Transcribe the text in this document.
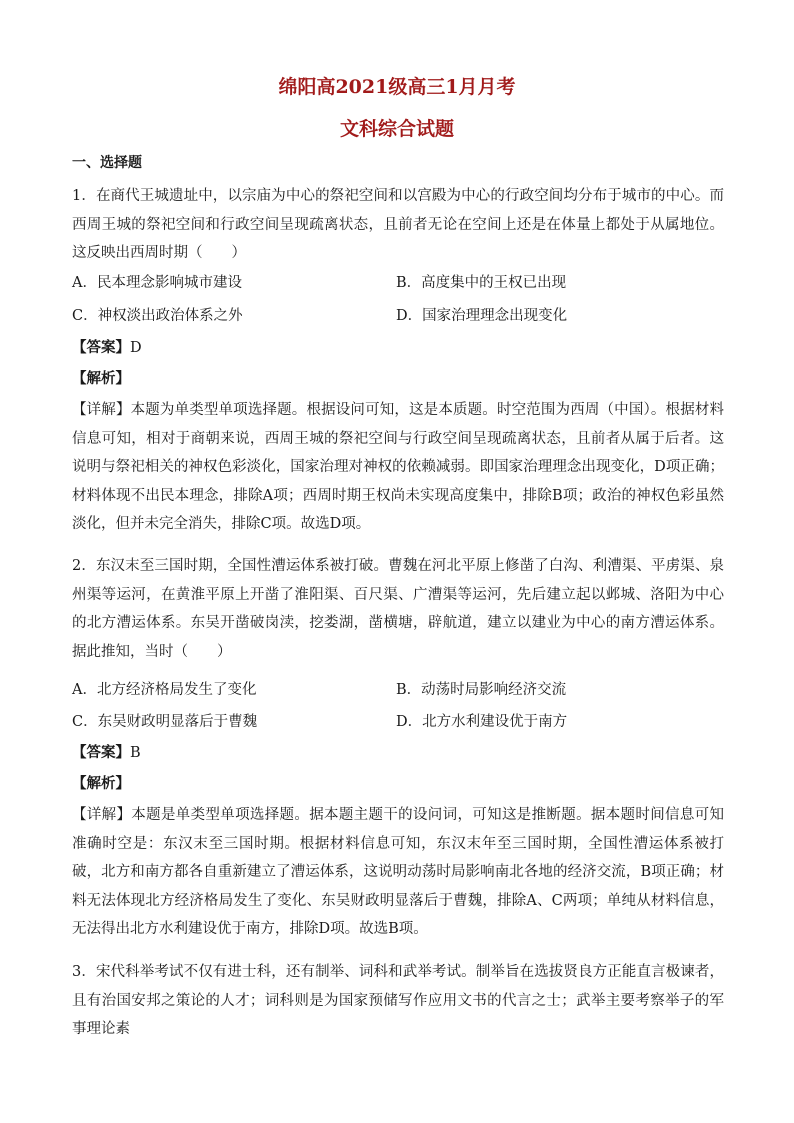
绵阳高2021级高三1月月考
文科综合试题
一、选择题
1．在商代王城遗址中，以宗庙为中心的祭祀空间和以宫殿为中心的行政空间均分布于城市的中心。而西周王城的祭祀空间和行政空间呈现疏离状态，且前者无论在空间上还是在体量上都处于从属地位。这反映出西周时期（　　）
A．民本理念影响城市建设	B．高度集中的王权已出现
C．神权淡出政治体系之外	D．国家治理理念出现变化
【答案】D
【解析】
【详解】本题为单类型单项选择题。根据设问可知，这是本质题。时空范围为西周（中国）。根据材料信息可知，相对于商朝来说，西周王城的祭祀空间与行政空间呈现疏离状态，且前者从属于后者。这说明与祭祀相关的神权色彩淡化，国家治理对神权的依赖减弱。即国家治理理念出现变化，D项正确；材料体现不出民本理念，排除A项；西周时期王权尚未实现高度集中，排除B项；政治的神权色彩虽然淡化，但并未完全消失，排除C项。故选D项。
2．东汉末至三国时期，全国性漕运体系被打破。曹魏在河北平原上修凿了白沟、利漕渠、平虏渠、泉州渠等运河，在黄淮平原上开凿了淮阳渠、百尺渠、广漕渠等运河，先后建立起以邺城、洛阳为中心的北方漕运体系。东吴开凿破岗渎，挖娄湖，凿横塘，辟航道，建立以建业为中心的南方漕运体系。据此推知，当时（　　）
A．北方经济格局发生了变化	B．动荡时局影响经济交流
C．东吴财政明显落后于曹魏	D．北方水利建设优于南方
【答案】B
【解析】
【详解】本题是单类型单项选择题。据本题主题干的设问词，可知这是推断题。据本题时间信息可知准确时空是：东汉末至三国时期。根据材料信息可知，东汉末年至三国时期，全国性漕运体系被打破，北方和南方都各自重新建立了漕运体系，这说明动荡时局影响南北各地的经济交流，B项正确；材料无法体现北方经济格局发生了变化、东吴财政明显落后于曹魏，排除A、C两项；单纯从材料信息，无法得出北方水利建设优于南方，排除D项。故选B项。
3．宋代科举考试不仅有进士科，还有制举、词科和武举考试。制举旨在选拔贤良方正能直言极谏者，且有治国安邦之策论的人才；词科则是为国家预储写作应用文书的代言之士；武举主要考察举子的军事理论素
